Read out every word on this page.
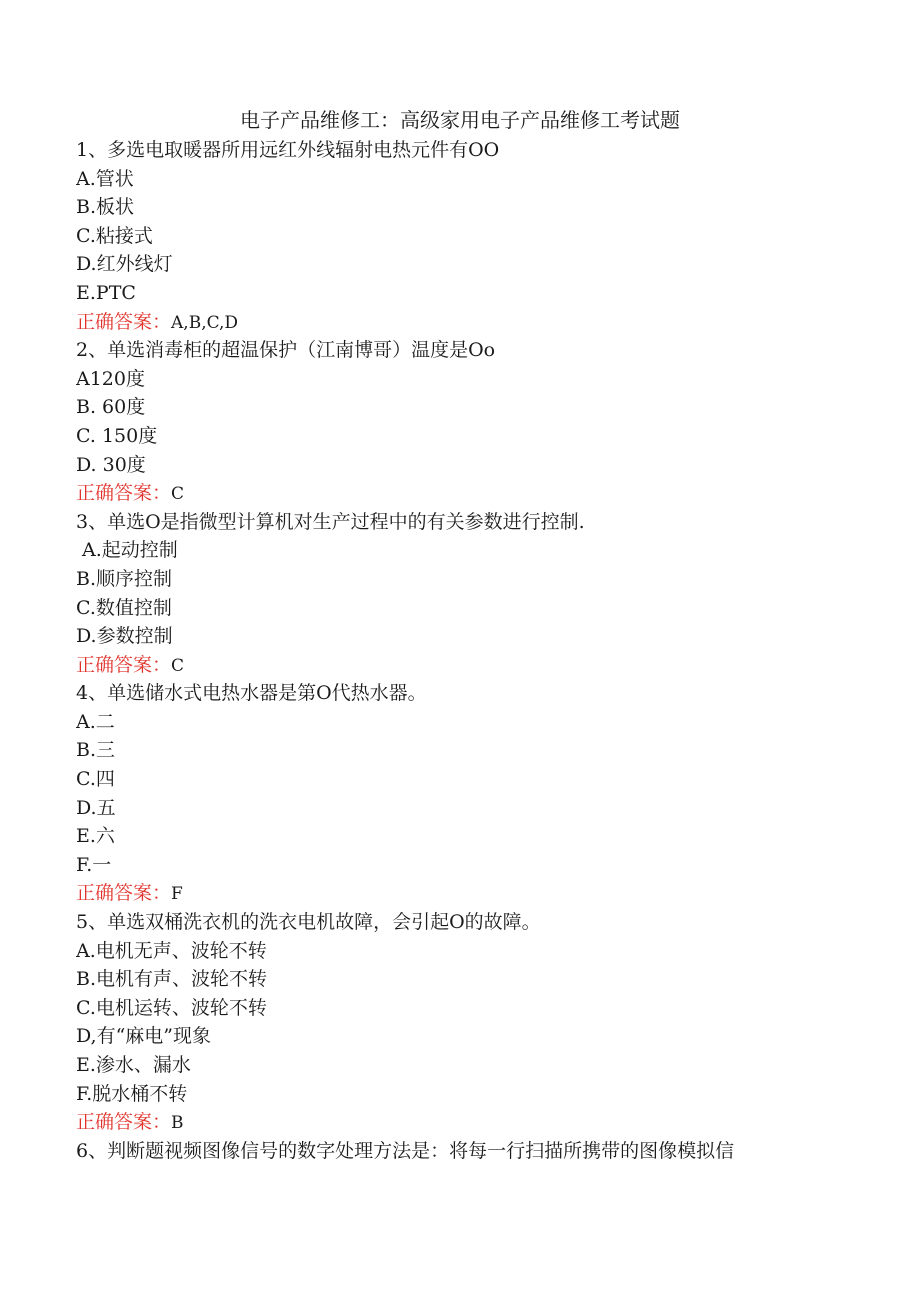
电子产品维修工：高级家用电子产品维修工考试题
1、多选电取暖器所用远红外线辐射电热元件有OO
A.管状
B.板状
C.粘接式
D.红外线灯
E.PTC
正确答案：A,B,C,D
2、单选消毒柜的超温保护（江南博哥）温度是Oo
A120度
B. 60度
C. 150度
D. 30度
正确答案：C
3、单选O是指微型计算机对生产过程中的有关参数进行控制.
A.起动控制
B.顺序控制
C.数值控制
D.参数控制
正确答案：C
4、单选储水式电热水器是第O代热水器。
A.二
B.三
C.四
D.五
E.六
F.一
正确答案：F
5、单选双桶洗衣机的洗衣电机故障，会引起O的故障。
A.电机无声、波轮不转
B.电机有声、波轮不转
C.电机运转、波轮不转
D,有“麻电”现象
E.渗水、漏水
F.脱水桶不转
正确答案：B
6、判断题视频图像信号的数字处理方法是：将每一行扫描所携带的图像模拟信
